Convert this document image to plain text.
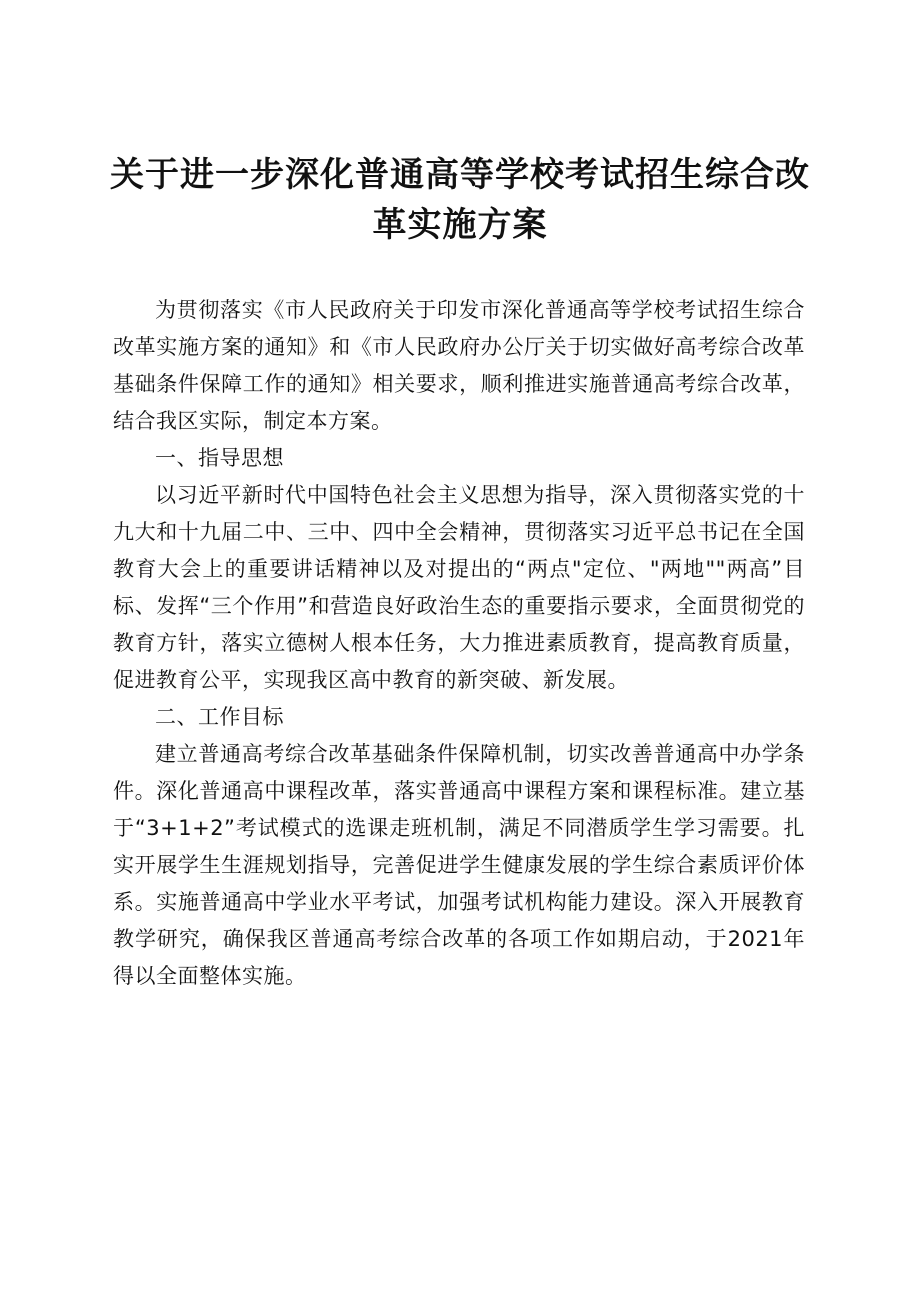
关于进一步深化普通高等学校考试招生综合改
革实施方案

为贯彻落实《市人民政府关于印发市深化普通高等学校考试招生综合改革实施方案的通知》和《市人民政府办公厅关于切实做好高考综合改革基础条件保障工作的通知》相关要求，顺利推进实施普通高考综合改革，结合我区实际，制定本方案。

一、指导思想

以习近平新时代中国特色社会主义思想为指导，深入贯彻落实党的十九大和十九届二中、三中、四中全会精神，贯彻落实习近平总书记在全国教育大会上的重要讲话精神以及对提出的“两点"定位、"两地""两高”目标、发挥“三个作用”和营造良好政治生态的重要指示要求，全面贯彻党的教育方针，落实立德树人根本任务，大力推进素质教育，提高教育质量，促进教育公平，实现我区高中教育的新突破、新发展。

二、工作目标

建立普通高考综合改革基础条件保障机制，切实改善普通高中办学条件。深化普通高中课程改革，落实普通高中课程方案和课程标准。建立基于“3+1+2”考试模式的选课走班机制，满足不同潜质学生学习需要。扎实开展学生生涯规划指导，完善促进学生健康发展的学生综合素质评价体系。实施普通高中学业水平考试，加强考试机构能力建设。深入开展教育教学研究，确保我区普通高考综合改革的各项工作如期启动，于2021年得以全面整体实施。
